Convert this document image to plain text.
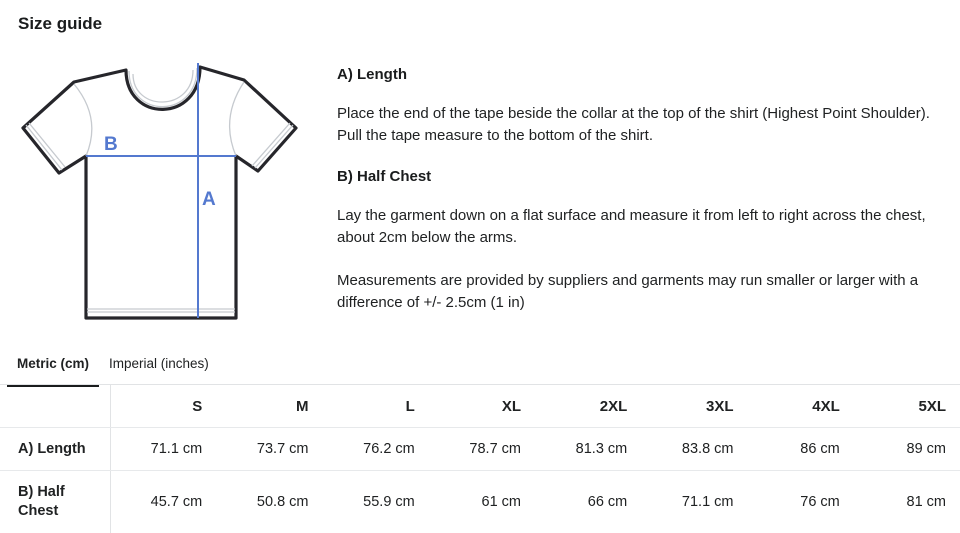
Size guide
B
A
A) Length

Place the end of the tape beside the collar at the top of the shirt (Highest Point Shoulder). Pull the tape measure to the bottom of the shirt.

B) Half Chest

Lay the garment down on a flat surface and measure it from left to right across the chest, about 2cm below the arms.

Measurements are provided by suppliers and garments may run smaller or larger with a difference of +/- 2.5cm (1 in)

Metric (cm)	Imperial (inches)
	S	M	L	XL	2XL	3XL	4XL	5XL
A) Length	71.1 cm	73.7 cm	76.2 cm	78.7 cm	81.3 cm	83.8 cm	86 cm	89 cm
B) Half Chest	45.7 cm	50.8 cm	55.9 cm	61 cm	66 cm	71.1 cm	76 cm	81 cm
